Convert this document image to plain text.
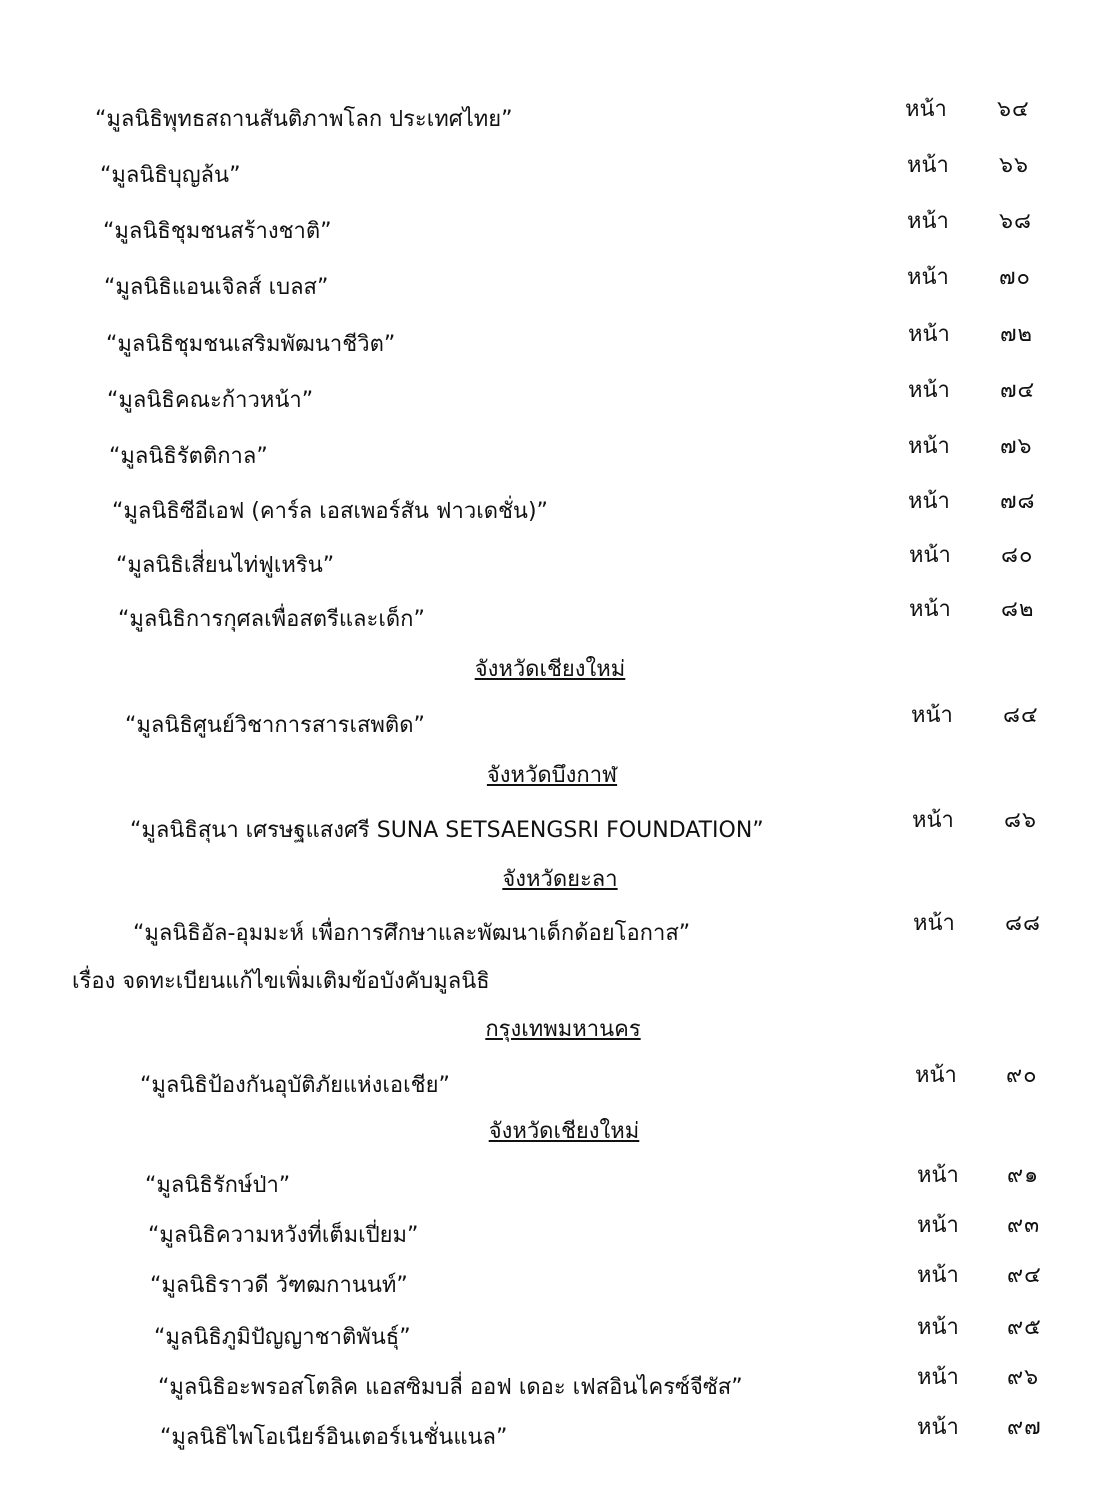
“มูลนิธิพุทธสถานสันติภาพโลก ประเทศไทย”	หน้า ๖๔
“มูลนิธิบุญล้น”	หน้า ๖๖
“มูลนิธิชุมชนสร้างชาติ”	หน้า ๖๘
“มูลนิธิแอนเจิลส์ เบลส”	หน้า ๗๐
“มูลนิธิชุมชนเสริมพัฒนาชีวิต”	หน้า ๗๒
“มูลนิธิคณะก้าวหน้า”	หน้า ๗๔
“มูลนิธิรัตติกาล”	หน้า ๗๖
“มูลนิธิซีอีเอฟ (คาร์ล เอสเพอร์สัน ฟาวเดชั่น)”	หน้า ๗๘
“มูลนิธิเสี่ยนไท่ฟูเหริน”	หน้า ๘๐
“มูลนิธิการกุศลเพื่อสตรีและเด็ก”	หน้า ๘๒
จังหวัดเชียงใหม่
“มูลนิธิศูนย์วิชาการสารเสพติด”	หน้า ๘๔
จังหวัดบึงกาฬ
“มูลนิธิสุนา เศรษฐแสงศรี SUNA SETSAENGSRI FOUNDATION”	หน้า ๘๖
จังหวัดยะลา
“มูลนิธิอัล-อุมมะห์ เพื่อการศึกษาและพัฒนาเด็กด้อยโอกาส”	หน้า ๘๘
เรื่อง จดทะเบียนแก้ไขเพิ่มเติมข้อบังคับมูลนิธิ
กรุงเทพมหานคร
“มูลนิธิป้องกันอุบัติภัยแห่งเอเชีย”	หน้า ๙๐
จังหวัดเชียงใหม่
“มูลนิธิรักษ์ป่า”	หน้า ๙๑
“มูลนิธิความหวังที่เต็มเปี่ยม”	หน้า ๙๓
“มูลนิธิราวดี วัฑฒกานนท์”	หน้า ๙๔
“มูลนิธิภูมิปัญญาชาติพันธุ์”	หน้า ๙๕
“มูลนิธิอะพรอสโตลิค แอสซิมบลี่ ออฟ เดอะ เฟสอินไครซ์จีซัส”	หน้า ๙๖
“มูลนิธิไพโอเนียร์อินเตอร์เนชั่นแนล”	หน้า ๙๗
